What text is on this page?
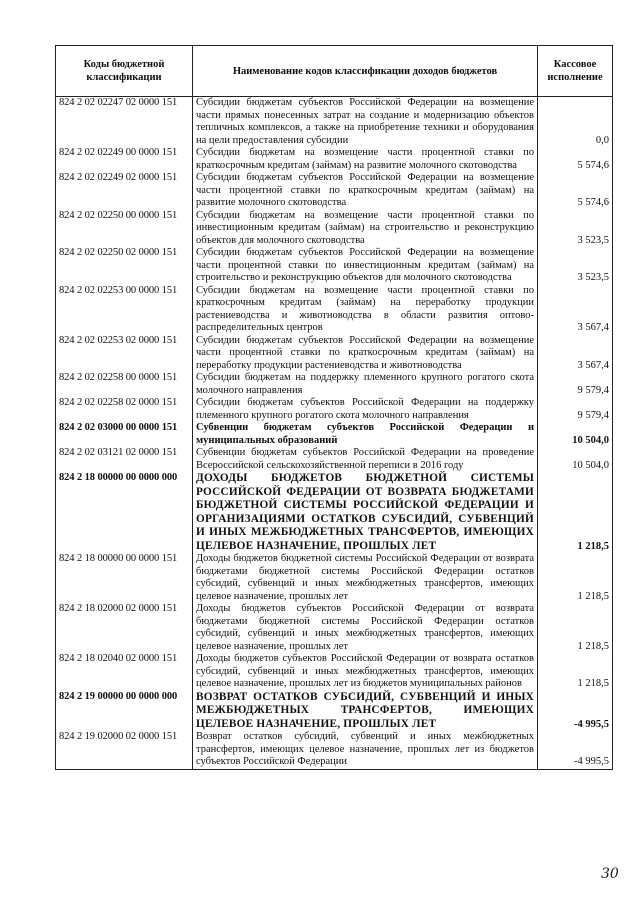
Коды бюджетной классификации	Наименование кодов классификации доходов бюджетов	Кассовое исполнение
824 2 02 02247 02 0000 151	Субсидии бюджетам субъектов Российской Федерации на возмещение части прямых понесенных затрат на создание и модернизацию объектов тепличных комплексов, а также на приобретение техники и оборудования на цели предоставления субсидии	0,0
824 2 02 02249 00 0000 151	Субсидии бюджетам на возмещение части процентной ставки по краткосрочным кредитам (займам) на развитие молочного скотоводства	5 574,6
824 2 02 02249 02 0000 151	Субсидии бюджетам субъектов Российской Федерации на возмещение части процентной ставки по краткосрочным кредитам (займам) на развитие молочного скотоводства	5 574,6
824 2 02 02250 00 0000 151	Субсидии бюджетам на возмещение части процентной ставки по инвестиционным кредитам (займам) на строительство и реконструкцию объектов для молочного скотоводства	3 523,5
824 2 02 02250 02 0000 151	Субсидии бюджетам субъектов Российской Федерации на возмещение части процентной ставки по инвестиционным кредитам (займам) на строительство и реконструкцию объектов для молочного скотоводства	3 523,5
824 2 02 02253 00 0000 151	Субсидии бюджетам на возмещение части процентной ставки по краткосрочным кредитам (займам) на переработку продукции растениеводства и животноводства в области развития оптово-распределительных центров	3 567,4
824 2 02 02253 02 0000 151	Субсидии бюджетам субъектов Российской Федерации на возмещение части процентной ставки по краткосрочным кредитам (займам) на переработку продукции растениеводства и животноводства	3 567,4
824 2 02 02258 00 0000 151	Субсидии бюджетам на поддержку племенного крупного рогатого скота молочного направления	9 579,4
824 2 02 02258 02 0000 151	Субсидии бюджетам субъектов Российской Федерации на поддержку племенного крупного рогатого скота молочного направления	9 579,4
824 2 02 03000 00 0000 151	Субвенции бюджетам субъектов Российской Федерации и муниципальных образований	10 504,0
824 2 02 03121 02 0000 151	Субвенции бюджетам субъектов Российской Федерации на проведение Всероссийской сельскохозяйственной переписи в 2016 году	10 504,0
824 2 18 00000 00 0000 000	ДОХОДЫ БЮДЖЕТОВ БЮДЖЕТНОЙ СИСТЕМЫ РОССИЙСКОЙ ФЕДЕРАЦИИ ОТ ВОЗВРАТА БЮДЖЕТАМИ БЮДЖЕТНОЙ СИСТЕМЫ РОССИЙСКОЙ ФЕДЕРАЦИИ И ОРГАНИЗАЦИЯМИ ОСТАТКОВ СУБСИДИЙ, СУБВЕНЦИЙ И ИНЫХ МЕЖБЮДЖЕТНЫХ ТРАНСФЕРТОВ, ИМЕЮЩИХ ЦЕЛЕВОЕ НАЗНАЧЕНИЕ, ПРОШЛЫХ ЛЕТ	1 218,5
824 2 18 00000 00 0000 151	Доходы бюджетов бюджетной системы Российской Федерации от возврата бюджетами бюджетной системы Российской Федерации остатков субсидий, субвенций и иных межбюджетных трансфертов, имеющих целевое назначение, прошлых лет	1 218,5
824 2 18 02000 02 0000 151	Доходы бюджетов субъектов Российской Федерации от возврата бюджетами бюджетной системы Российской Федерации остатков субсидий, субвенций и иных межбюджетных трансфертов, имеющих целевое назначение, прошлых лет	1 218,5
824 2 18 02040 02 0000 151	Доходы бюджетов субъектов Российской Федерации от возврата остатков субсидий, субвенций и иных межбюджетных трансфертов, имеющих целевое назначение, прошлых лет из бюджетов муниципальных районов	1 218,5
824 2 19 00000 00 0000 000	ВОЗВРАТ ОСТАТКОВ СУБСИДИЙ, СУБВЕНЦИЙ И ИНЫХ МЕЖБЮДЖЕТНЫХ ТРАНСФЕРТОВ, ИМЕЮЩИХ ЦЕЛЕВОЕ НАЗНАЧЕНИЕ, ПРОШЛЫХ ЛЕТ	-4 995,5
824 2 19 02000 02 0000 151	Возврат остатков субсидий, субвенций и иных межбюджетных трансфертов, имеющих целевое назначение, прошлых лет из бюджетов субъектов Российской Федерации	-4 995,5
30
